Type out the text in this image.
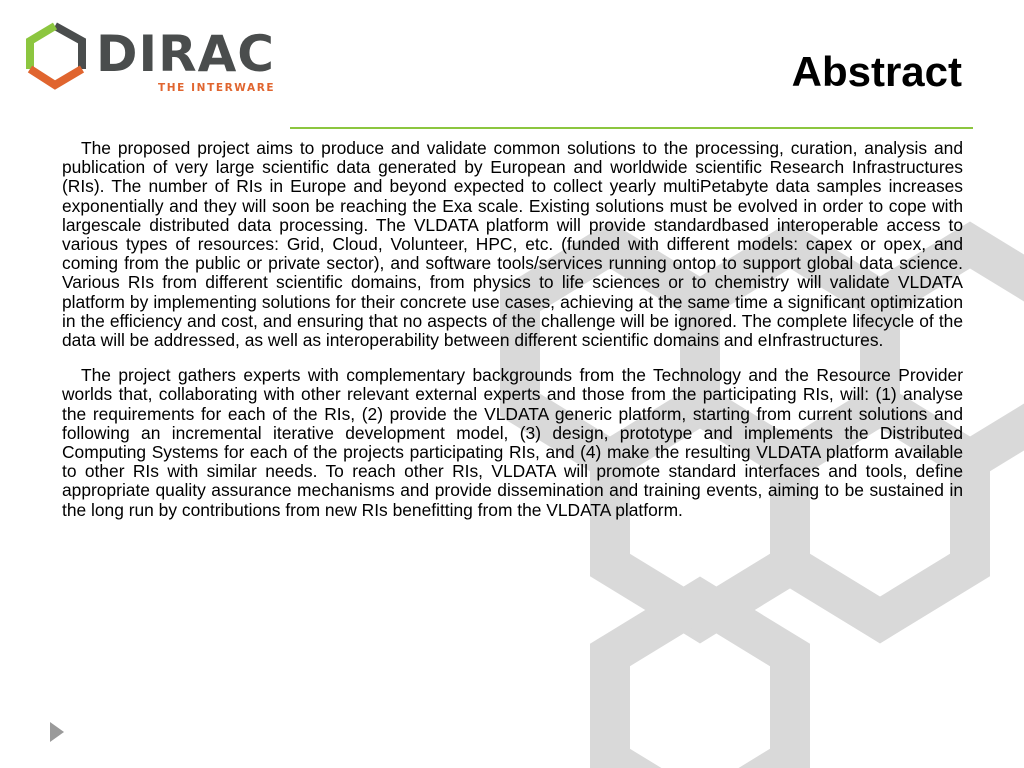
DIRAC
THE INTERWARE	Abstract

The proposed project aims to produce and validate common solutions to the processing, curation, analysis and publication of very large scientific data generated by European and worldwide scientific Research Infrastructures (RIs). The number of RIs in Europe and beyond expected to collect yearly multiPetabyte data samples increases exponentially and they will soon be reaching the Exa scale. Existing solutions must be evolved in order to cope with largescale distributed data processing. The VLDATA platform will provide standardbased interoperable access to various types of resources: Grid, Cloud, Volunteer, HPC, etc. (funded with different models: capex or opex, and coming from the public or private sector), and software tools/services running ontop to support global data science. Various RIs from different scientific domains, from physics to life sciences or to chemistry will validate VLDATA platform by implementing solutions for their concrete use cases, achieving at the same time a significant optimization in the efficiency and cost, and ensuring that no aspects of the challenge will be ignored. The complete lifecycle of the data will be addressed, as well as interoperability between different scientific domains and eInfrastructures.

The project gathers experts with complementary backgrounds from the Technology and the Resource Provider worlds that, collaborating with other relevant external experts and those from the participating RIs, will: (1) analyse the requirements for each of the RIs, (2) provide the VLDATA generic platform, starting from current solutions and following an incremental iterative development model, (3) design, prototype and implements the Distributed Computing Systems for each of the projects participating RIs, and (4) make the resulting VLDATA platform available to other RIs with similar needs. To reach other RIs, VLDATA will promote standard interfaces and tools, define appropriate quality assurance mechanisms and provide dissemination and training events, aiming to be sustained in the long run by contributions from new RIs benefitting from the VLDATA platform.
